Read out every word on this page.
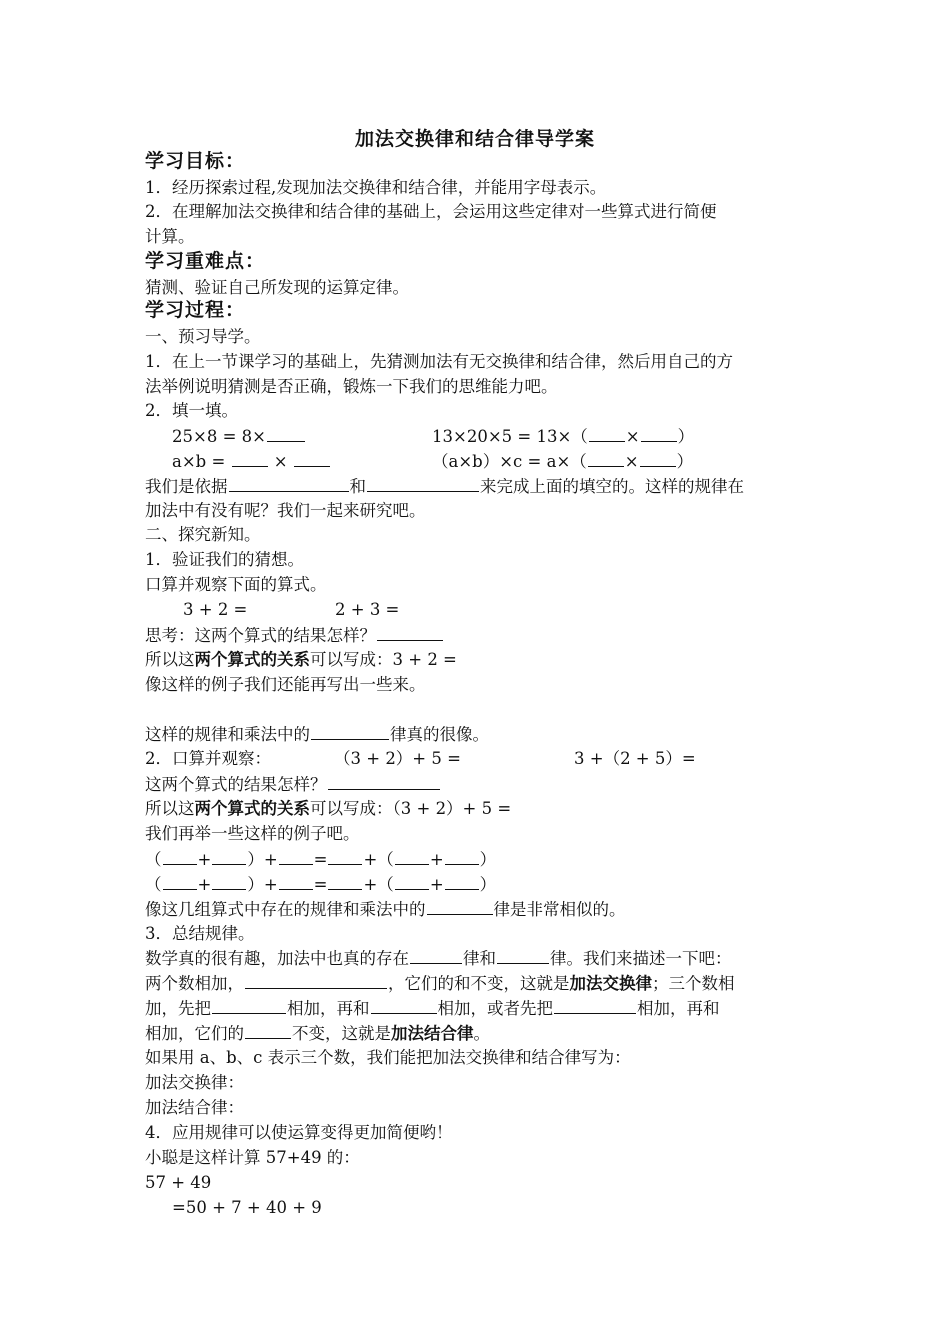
加法交换律和结合律导学案
学习目标：
1．经历探索过程,发现加法交换律和结合律，并能用字母表示。
2．在理解加法交换律和结合律的基础上，会运用这些定律对一些算式进行简便
计算。
学习重难点：
猜测、验证自己所发现的运算定律。
学习过程：
一、预习导学。
1．在上一节课学习的基础上，先猜测加法有无交换律和结合律，然后用自己的方
法举例说明猜测是否正确，锻炼一下我们的思维能力吧。
2．填一填。
25×8 = 8×	13×20×5 = 13×（ × ）
a×b =  ×	（a×b）×c = a×（ × ）
我们是依据	和	来完成上面的填空的。这样的规律在
加法中有没有呢？我们一起来研究吧。
二、探究新知。
1．验证我们的猜想。
口算并观察下面的算式。
3 + 2 =	2 + 3 =
思考：这两个算式的结果怎样？
所以这两个算式的关系可以写成：3 + 2 =
像这样的例子我们还能再写出一些来。
这样的规律和乘法中的	律真的很像。
2．口算并观察：	（3 + 2）+ 5 =	3 +（2 + 5）=
这两个算式的结果怎样？
所以这两个算式的关系可以写成：（3 + 2）+ 5 =
我们再举一些这样的例子吧。
（ + ）+ = +（ + ）
（ + ）+ = +（ + ）
像这几组算式中存在的规律和乘法中的	律是非常相似的。
3．总结规律。
数学真的很有趣，加法中也真的存在	律和	律。我们来描述一下吧：
两个数相加，	，它们的和不变，这就是加法交换律；三个数相
加，先把	相加，再和	相加，或者先把	相加，再和
相加，它们的	不变，这就是加法结合律。
如果用 a、b、c 表示三个数，我们能把加法交换律和结合律写为：
加法交换律：
加法结合律：
4．应用规律可以使运算变得更加简便哟！
小聪是这样计算 57+49 的：
57 + 49
=50 + 7 + 40 + 9
